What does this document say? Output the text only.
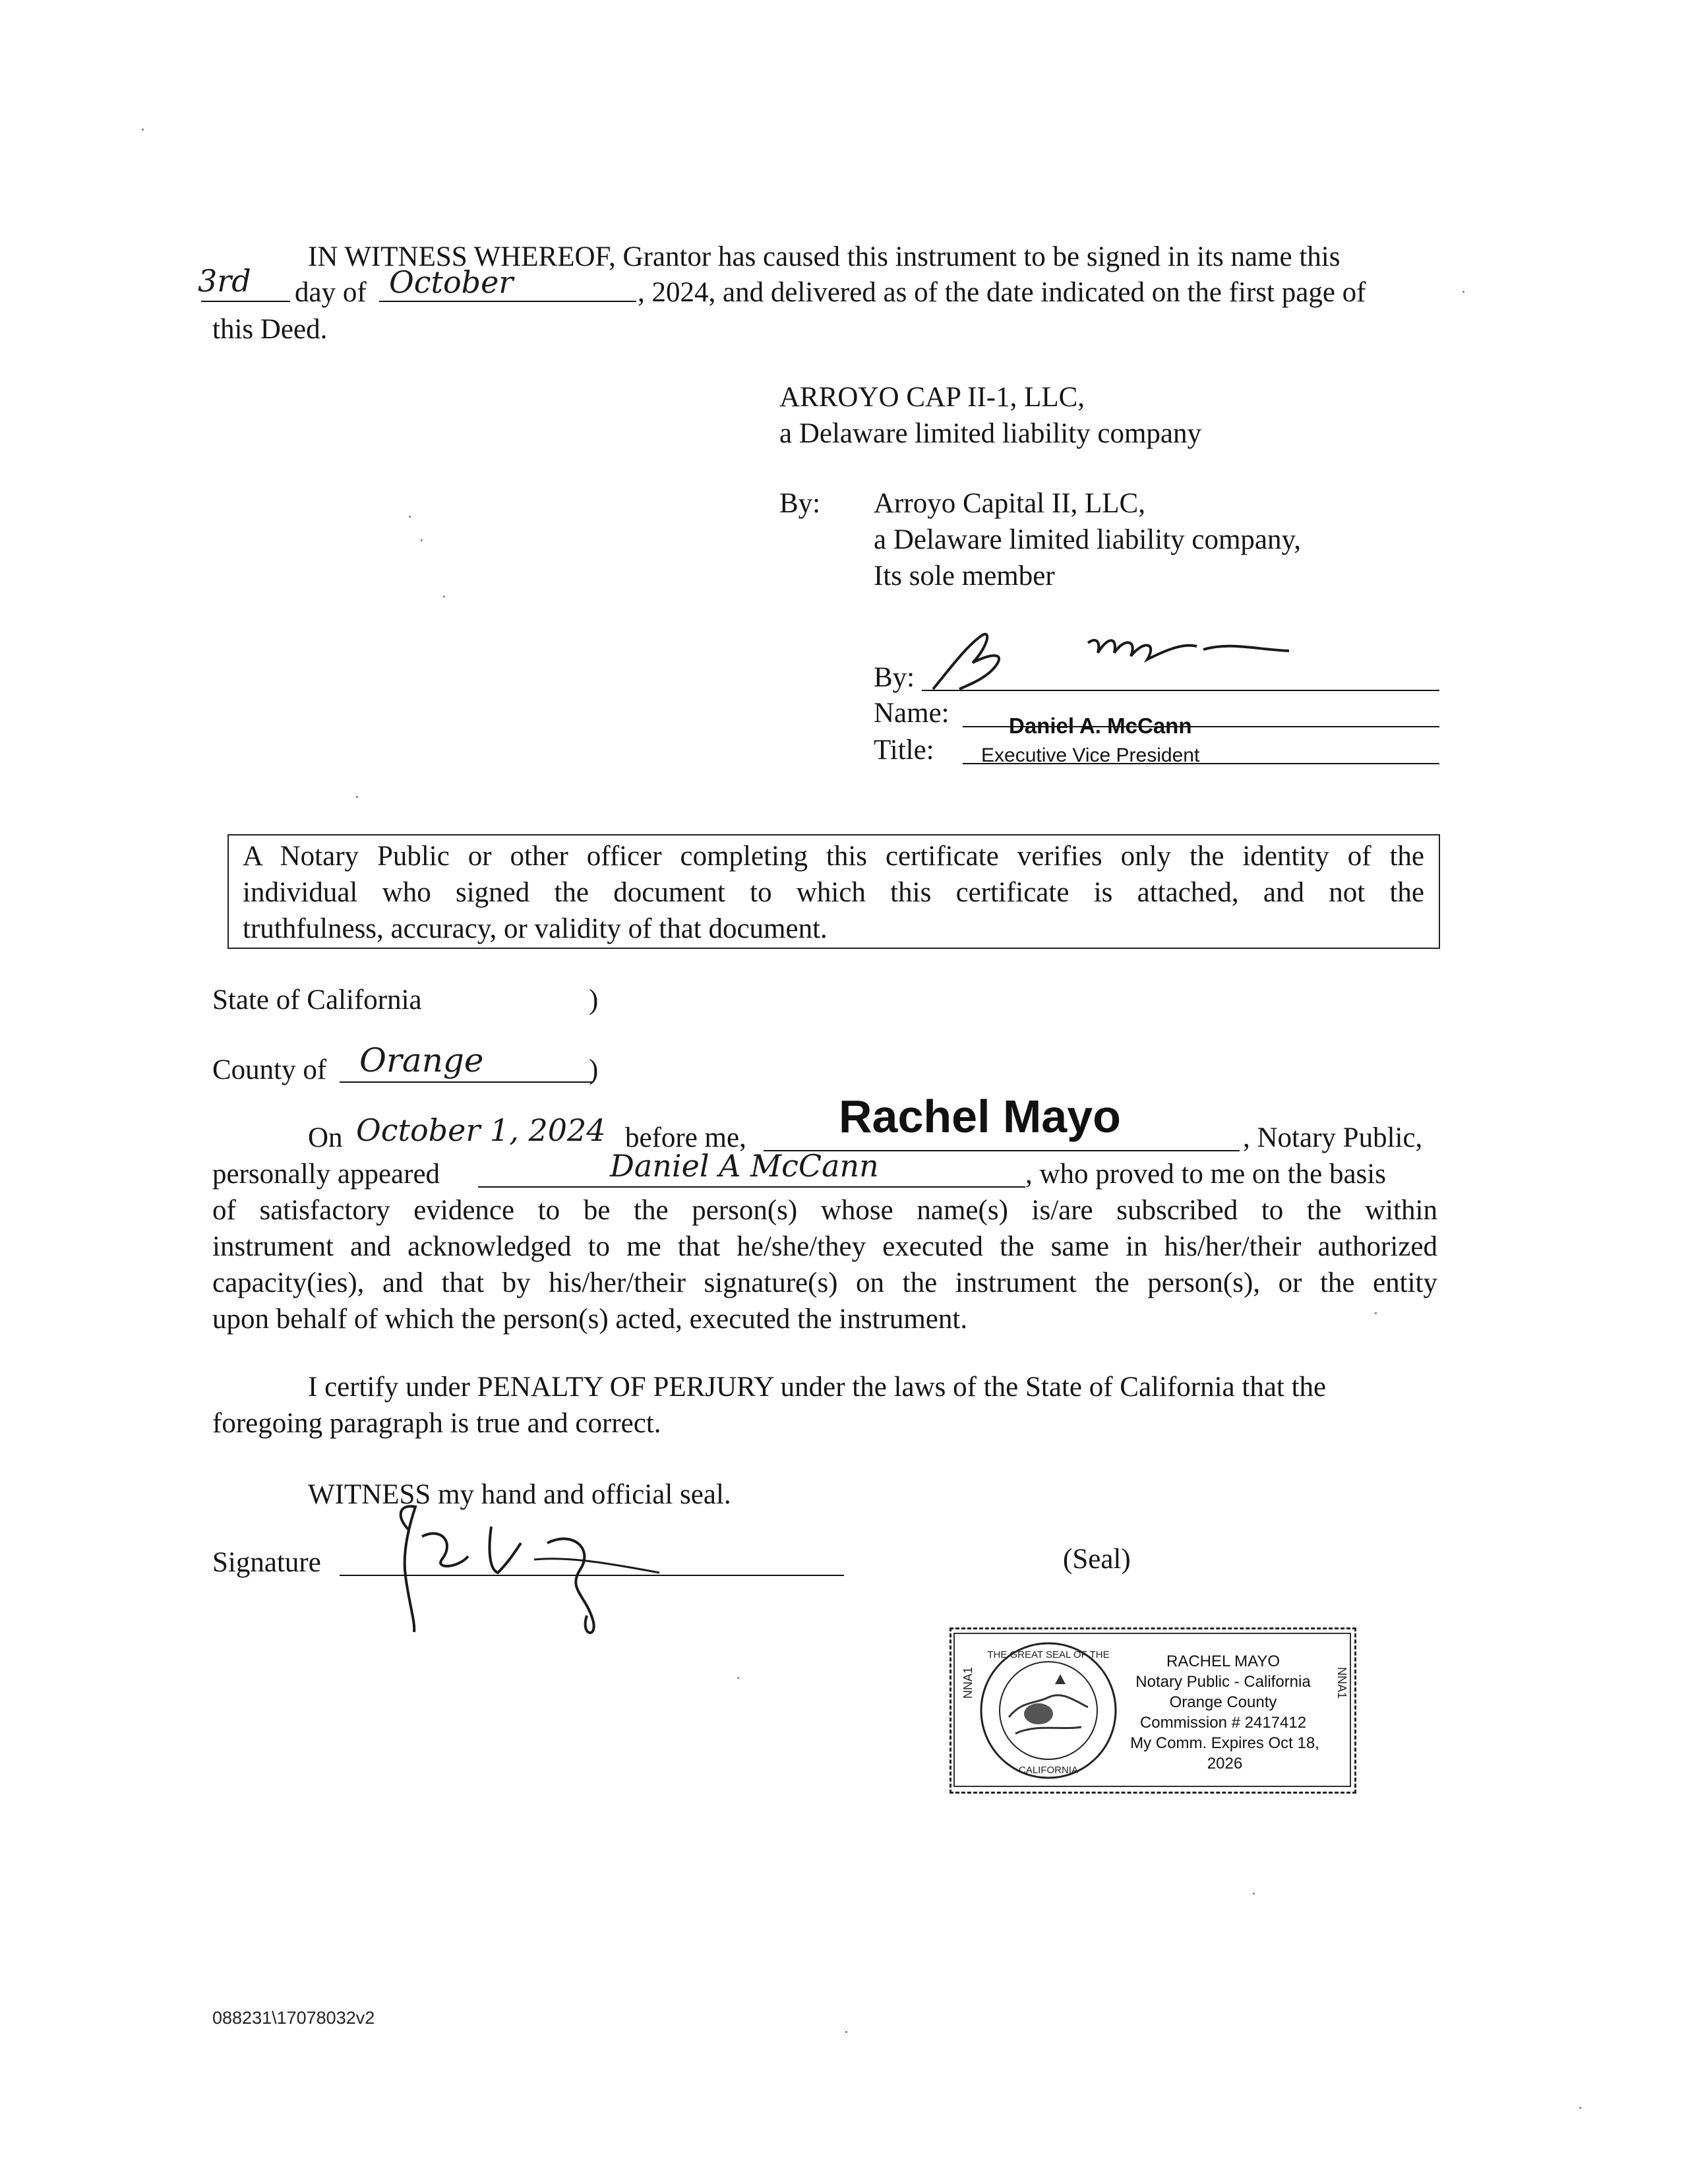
IN WITNESS WHEREOF, Grantor has caused this instrument to be signed in its name this
3rd day of October	, 2024, and delivered as of the date indicated on the first page of
this Deed.
ARROYO CAP II-1, LLC,
a Delaware limited liability company
By: Arroyo Capital II, LLC,
a Delaware limited liability company,
Its sole member
By:
Name:	Daniel A. McCann
Title: Executive Vice President
A Notary Public or other officer completing this certificate verifies only the identity of the
individual who signed the document to which this certificate is attached, and not the
truthfulness, accuracy, or validity of that document.
State of California	)
County of Orange	)
On October 1, 2024 before me, Rachel Mayo	, Notary Public,
personally appeared	Daniel A McCann	, who proved to me on the basis
of satisfactory evidence to be the person(s) whose name(s) is/are subscribed to the within
instrument and acknowledged to me that he/she/they executed the same in his/her/their authorized
capacity(ies), and that by his/her/their signature(s) on the instrument the person(s), or the entity
upon behalf of which the person(s) acted, executed the instrument.
I certify under PENALTY OF PERJURY under the laws of the State of California that the
foregoing paragraph is true and correct.
WITNESS my hand and official seal.
Signature	(Seal)
THE GREAT SEAL OF THE
CALIFORNIA
NNA1	NNA1
RACHEL MAYO
Notary Public - California
Orange County
Commission # 2417412
My Comm. Expires Oct 18, 2026
088231\17078032v2
